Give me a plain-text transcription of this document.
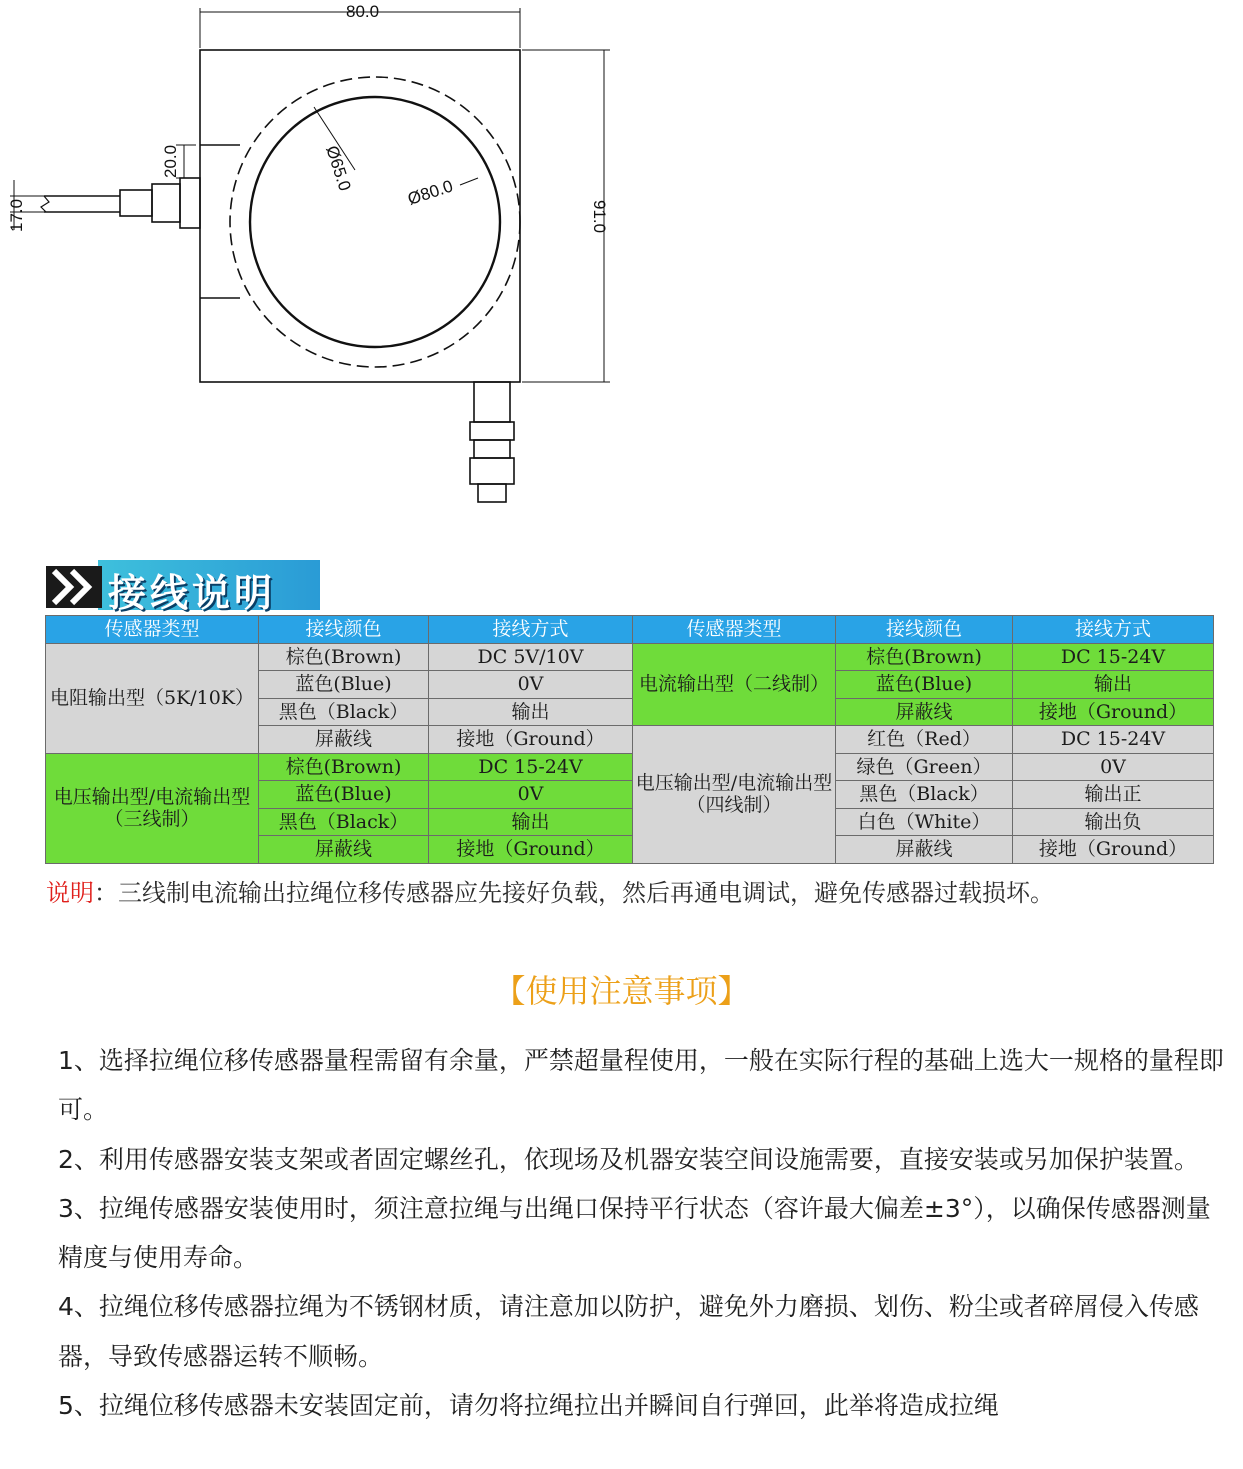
80.0
91.0
20.0
17.0
Ø65.0	Ø80.0
接线说明
传感器类型	接线颜色	接线方式	传感器类型	接线颜色	接线方式
电阻输出型（5K/10K）	棕色(Brown)	DC 5V/10V	电流输出型（二线制）	棕色(Brown)	DC 15-24V
	蓝色(Blue)	0V		蓝色(Blue)	输出
	黑色（Black）	输出		屏蔽线	接地（Ground）
	屏蔽线	接地（Ground）	电压输出型/电流输出型（四线制）	红色（Red）	DC 15-24V
电压输出型/电流输出型（三线制）	棕色(Brown)	DC 15-24V		绿色（Green）	0V
	蓝色(Blue)	0V		黑色（Black）	输出正
	黑色（Black）	输出		白色（White）	输出负
	屏蔽线	接地（Ground）		屏蔽线	接地（Ground）
说明：三线制电流输出拉绳位移传感器应先接好负载，然后再通电调试，避免传感器过载损坏。
【使用注意事项】

1、选择拉绳位移传感器量程需留有余量，严禁超量程使用，一般在实际行程的基础上选大一规格的量程即可。

2、利用传感器安装支架或者固定螺丝孔，依现场及机器安装空间设施需要，直接安装或另加保护装置。

3、拉绳传感器安装使用时，须注意拉绳与出绳口保持平行状态（容许最大偏差±3°），以确保传感器测量精度与使用寿命。

4、拉绳位移传感器拉绳为不锈钢材质，请注意加以防护，避免外力磨损、划伤、粉尘或者碎屑侵入传感器，导致传感器运转不顺畅。

5、拉绳位移传感器未安装固定前，请勿将拉绳拉出并瞬间自行弹回，此举将造成拉绳
